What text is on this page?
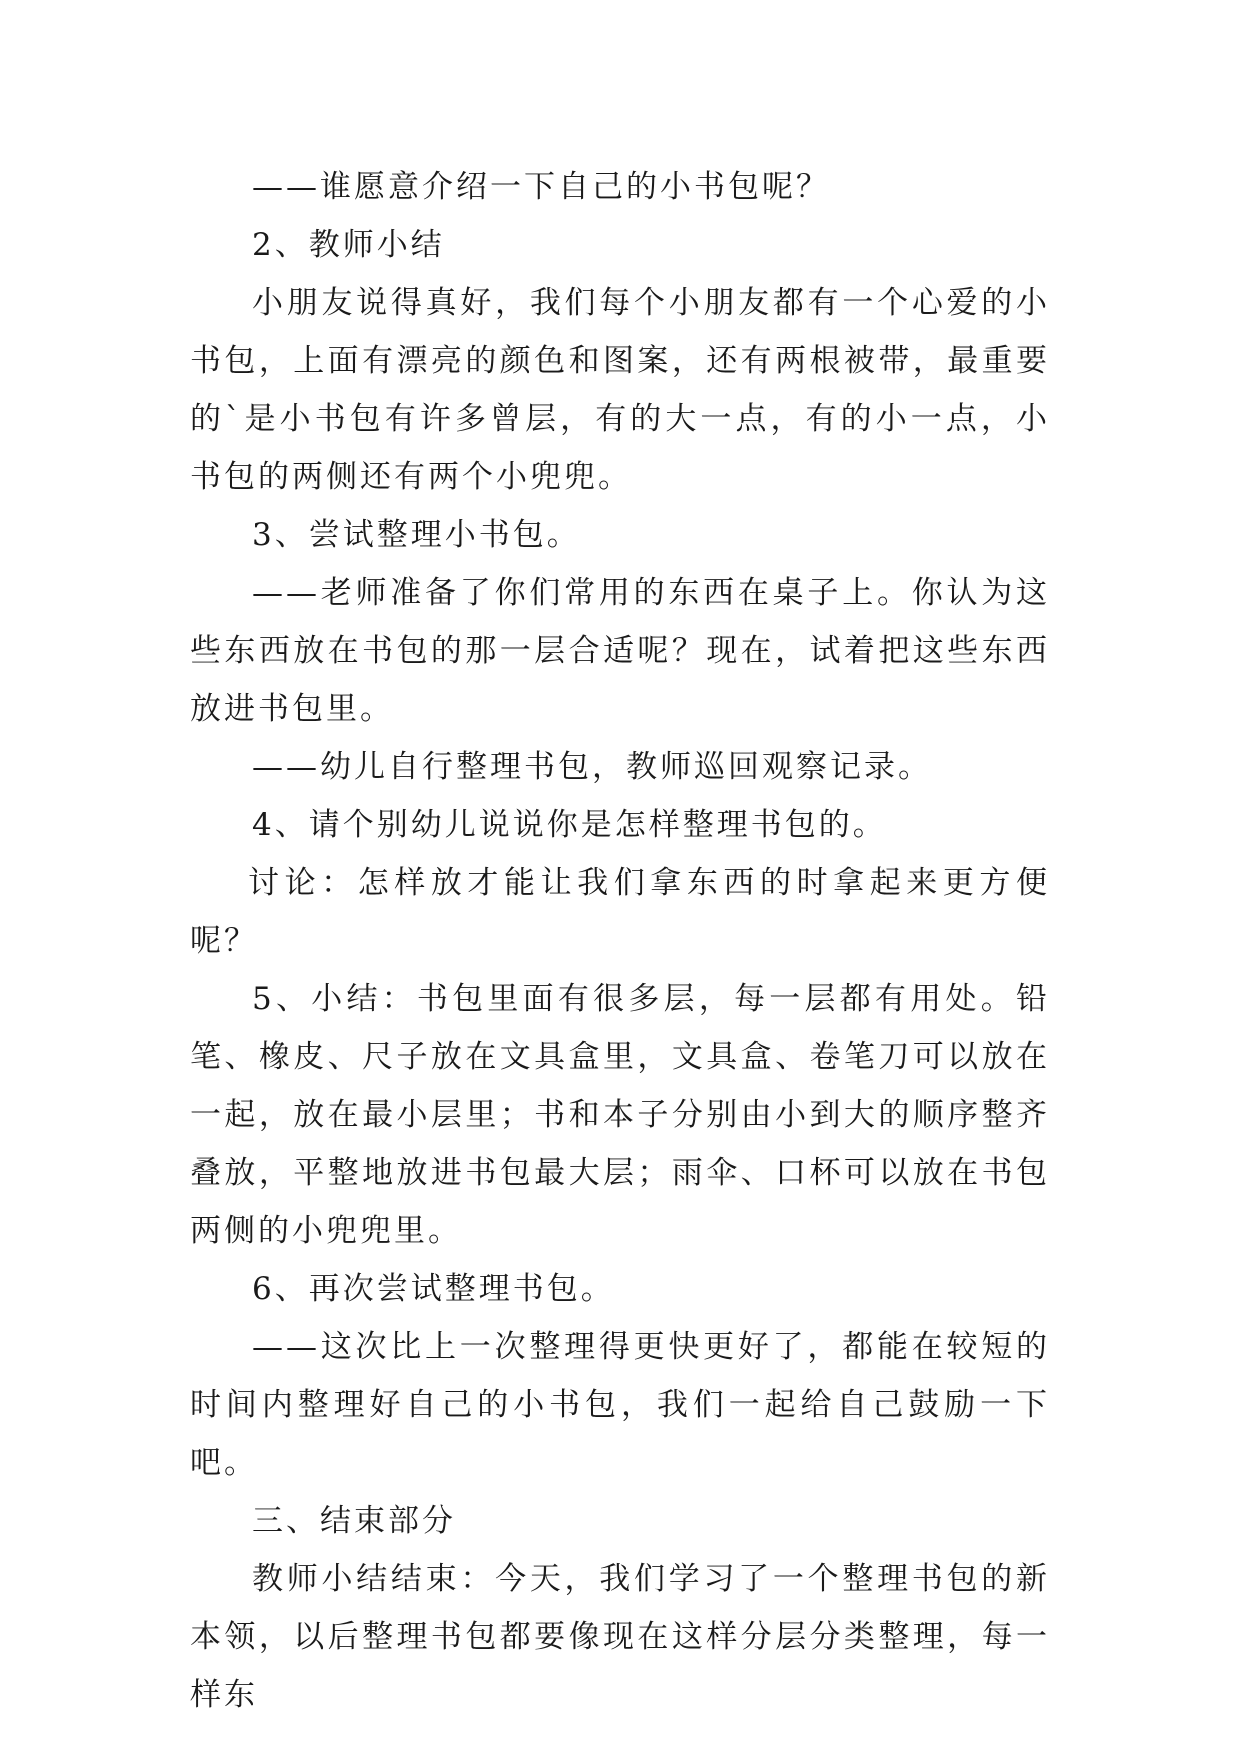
——谁愿意介绍一下自己的小书包呢？

2、教师小结

小朋友说得真好，我们每个小朋友都有一个心爱的小书包，上面有漂亮的颜色和图案，还有两根被带，最重要的`是小书包有许多曾层，有的大一点，有的小一点，小书包的两侧还有两个小兜兜。

3、尝试整理小书包。

——老师准备了你们常用的东西在桌子上。你认为这些东西放在书包的那一层合适呢？现在，试着把这些东西放进书包里。

——幼儿自行整理书包，教师巡回观察记录。

4、请个别幼儿说说你是怎样整理书包的。

讨论：怎样放才能让我们拿东西的时拿起来更方便呢？

5、小结：书包里面有很多层，每一层都有用处。铅笔、橡皮、尺子放在文具盒里，文具盒、卷笔刀可以放在一起，放在最小层里；书和本子分别由小到大的顺序整齐叠放，平整地放进书包最大层；雨伞、口杯可以放在书包两侧的小兜兜里。

6、再次尝试整理书包。

——这次比上一次整理得更快更好了，都能在较短的时间内整理好自己的小书包，我们一起给自己鼓励一下吧。

三、结束部分

教师小结结束：今天，我们学习了一个整理书包的新本领，以后整理书包都要像现在这样分层分类整理，每一样东
